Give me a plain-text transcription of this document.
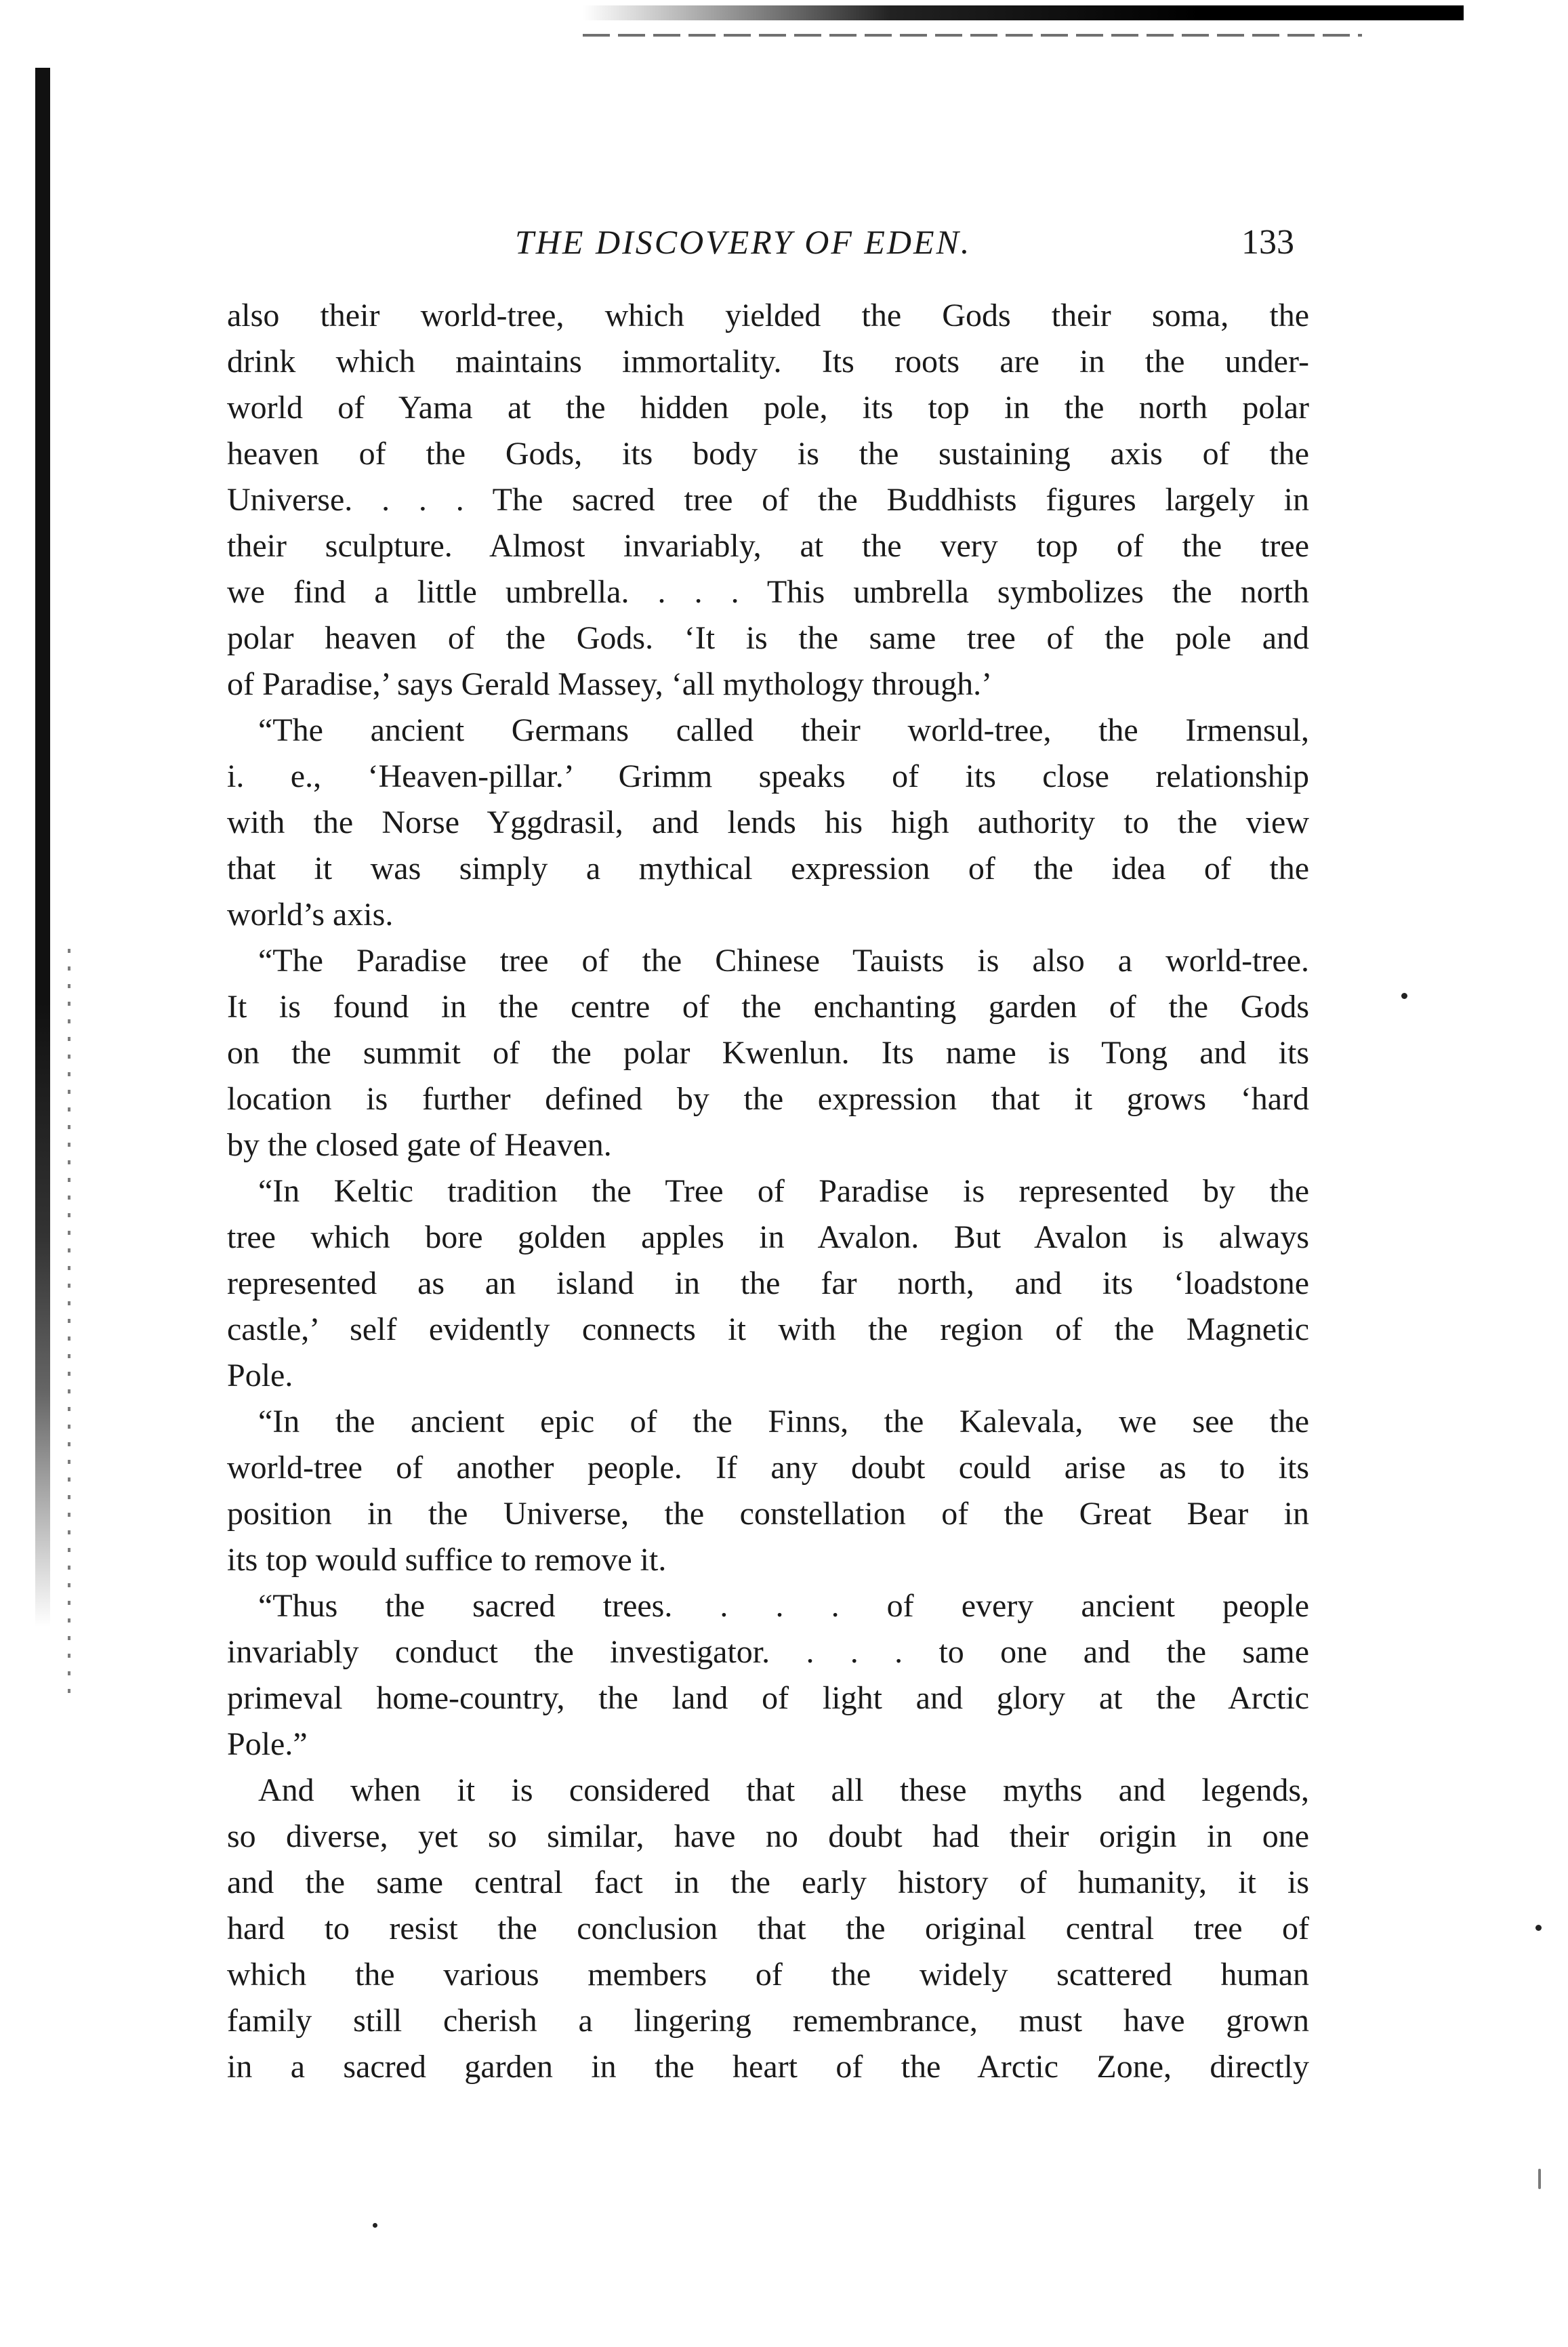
THE DISCOVERY OF EDEN.	133
also their world-tree, which yielded the Gods their soma, the
drink which maintains immortality. Its roots are in the under-
world of Yama at the hidden pole, its top in the north polar
heaven of the Gods, its body is the sustaining axis of the
Universe. . . . The sacred tree of the Buddhists figures largely in
their sculpture. Almost invariably, at the very top of the tree
we find a little umbrella. . . . This umbrella symbolizes the north
polar heaven of the Gods. ‘It is the same tree of the pole and
of Paradise,’ says Gerald Massey, ‘all mythology through.’
“The ancient Germans called their world-tree, the Irmensul,
i. e., ‘Heaven-pillar.’ Grimm speaks of its close relationship
with the Norse Yggdrasil, and lends his high authority to the view
that it was simply a mythical expression of the idea of the
world’s axis.
“The Paradise tree of the Chinese Tauists is also a world-tree.
It is found in the centre of the enchanting garden of the Gods
on the summit of the polar Kwenlun. Its name is Tong and its
location is further defined by the expression that it grows ‘hard
by the closed gate of Heaven.
“In Keltic tradition the Tree of Paradise is represented by the
tree which bore golden apples in Avalon. But Avalon is always
represented as an island in the far north, and its ‘loadstone
castle,’ self evidently connects it with the region of the Magnetic
Pole.
“In the ancient epic of the Finns, the Kalevala, we see the
world-tree of another people. If any doubt could arise as to its
position in the Universe, the constellation of the Great Bear in
its top would suffice to remove it.
“Thus the sacred trees. . . . of every ancient people
invariably conduct the investigator. . . . to one and the same
primeval home-country, the land of light and glory at the Arctic
Pole.”
And when it is considered that all these myths and legends,
so diverse, yet so similar, have no doubt had their origin in one
and the same central fact in the early history of humanity, it is
hard to resist the conclusion that the original central tree of
which the various members of the widely scattered human
family still cherish a lingering remembrance, must have grown
in a sacred garden in the heart of the Arctic Zone, directly
